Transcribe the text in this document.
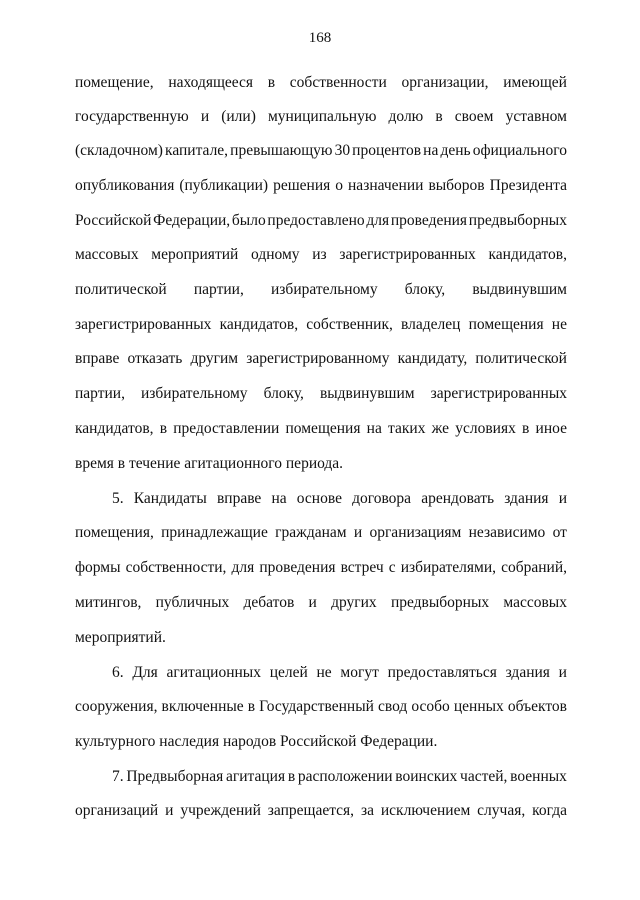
168
помещение, находящееся в собственности организации, имеющей
государственную и (или) муниципальную долю в своем уставном
(складочном) капитале, превышающую 30 процентов на день официального
опубликования (публикации) решения о назначении выборов Президента
Российской Федерации, было предоставлено для проведения предвыборных
массовых мероприятий одному из зарегистрированных кандидатов,
политической партии, избирательному блоку, выдвинувшим
зарегистрированных кандидатов, собственник, владелец помещения не
вправе отказать другим зарегистрированному кандидату, политической
партии, избирательному блоку, выдвинувшим зарегистрированных
кандидатов, в предоставлении помещения на таких же условиях в иное
время в течение агитационного периода.
5. Кандидаты вправе на основе договора арендовать здания и
помещения, принадлежащие гражданам и организациям независимо от
формы собственности, для проведения встреч с избирателями, собраний,
митингов, публичных дебатов и других предвыборных массовых
мероприятий.
6. Для агитационных целей не могут предоставляться здания и
сооружения, включенные в Государственный свод особо ценных объектов
культурного наследия народов Российской Федерации.
7. Предвыборная агитация в расположении воинских частей, военных
организаций и учреждений запрещается, за исключением случая, когда
